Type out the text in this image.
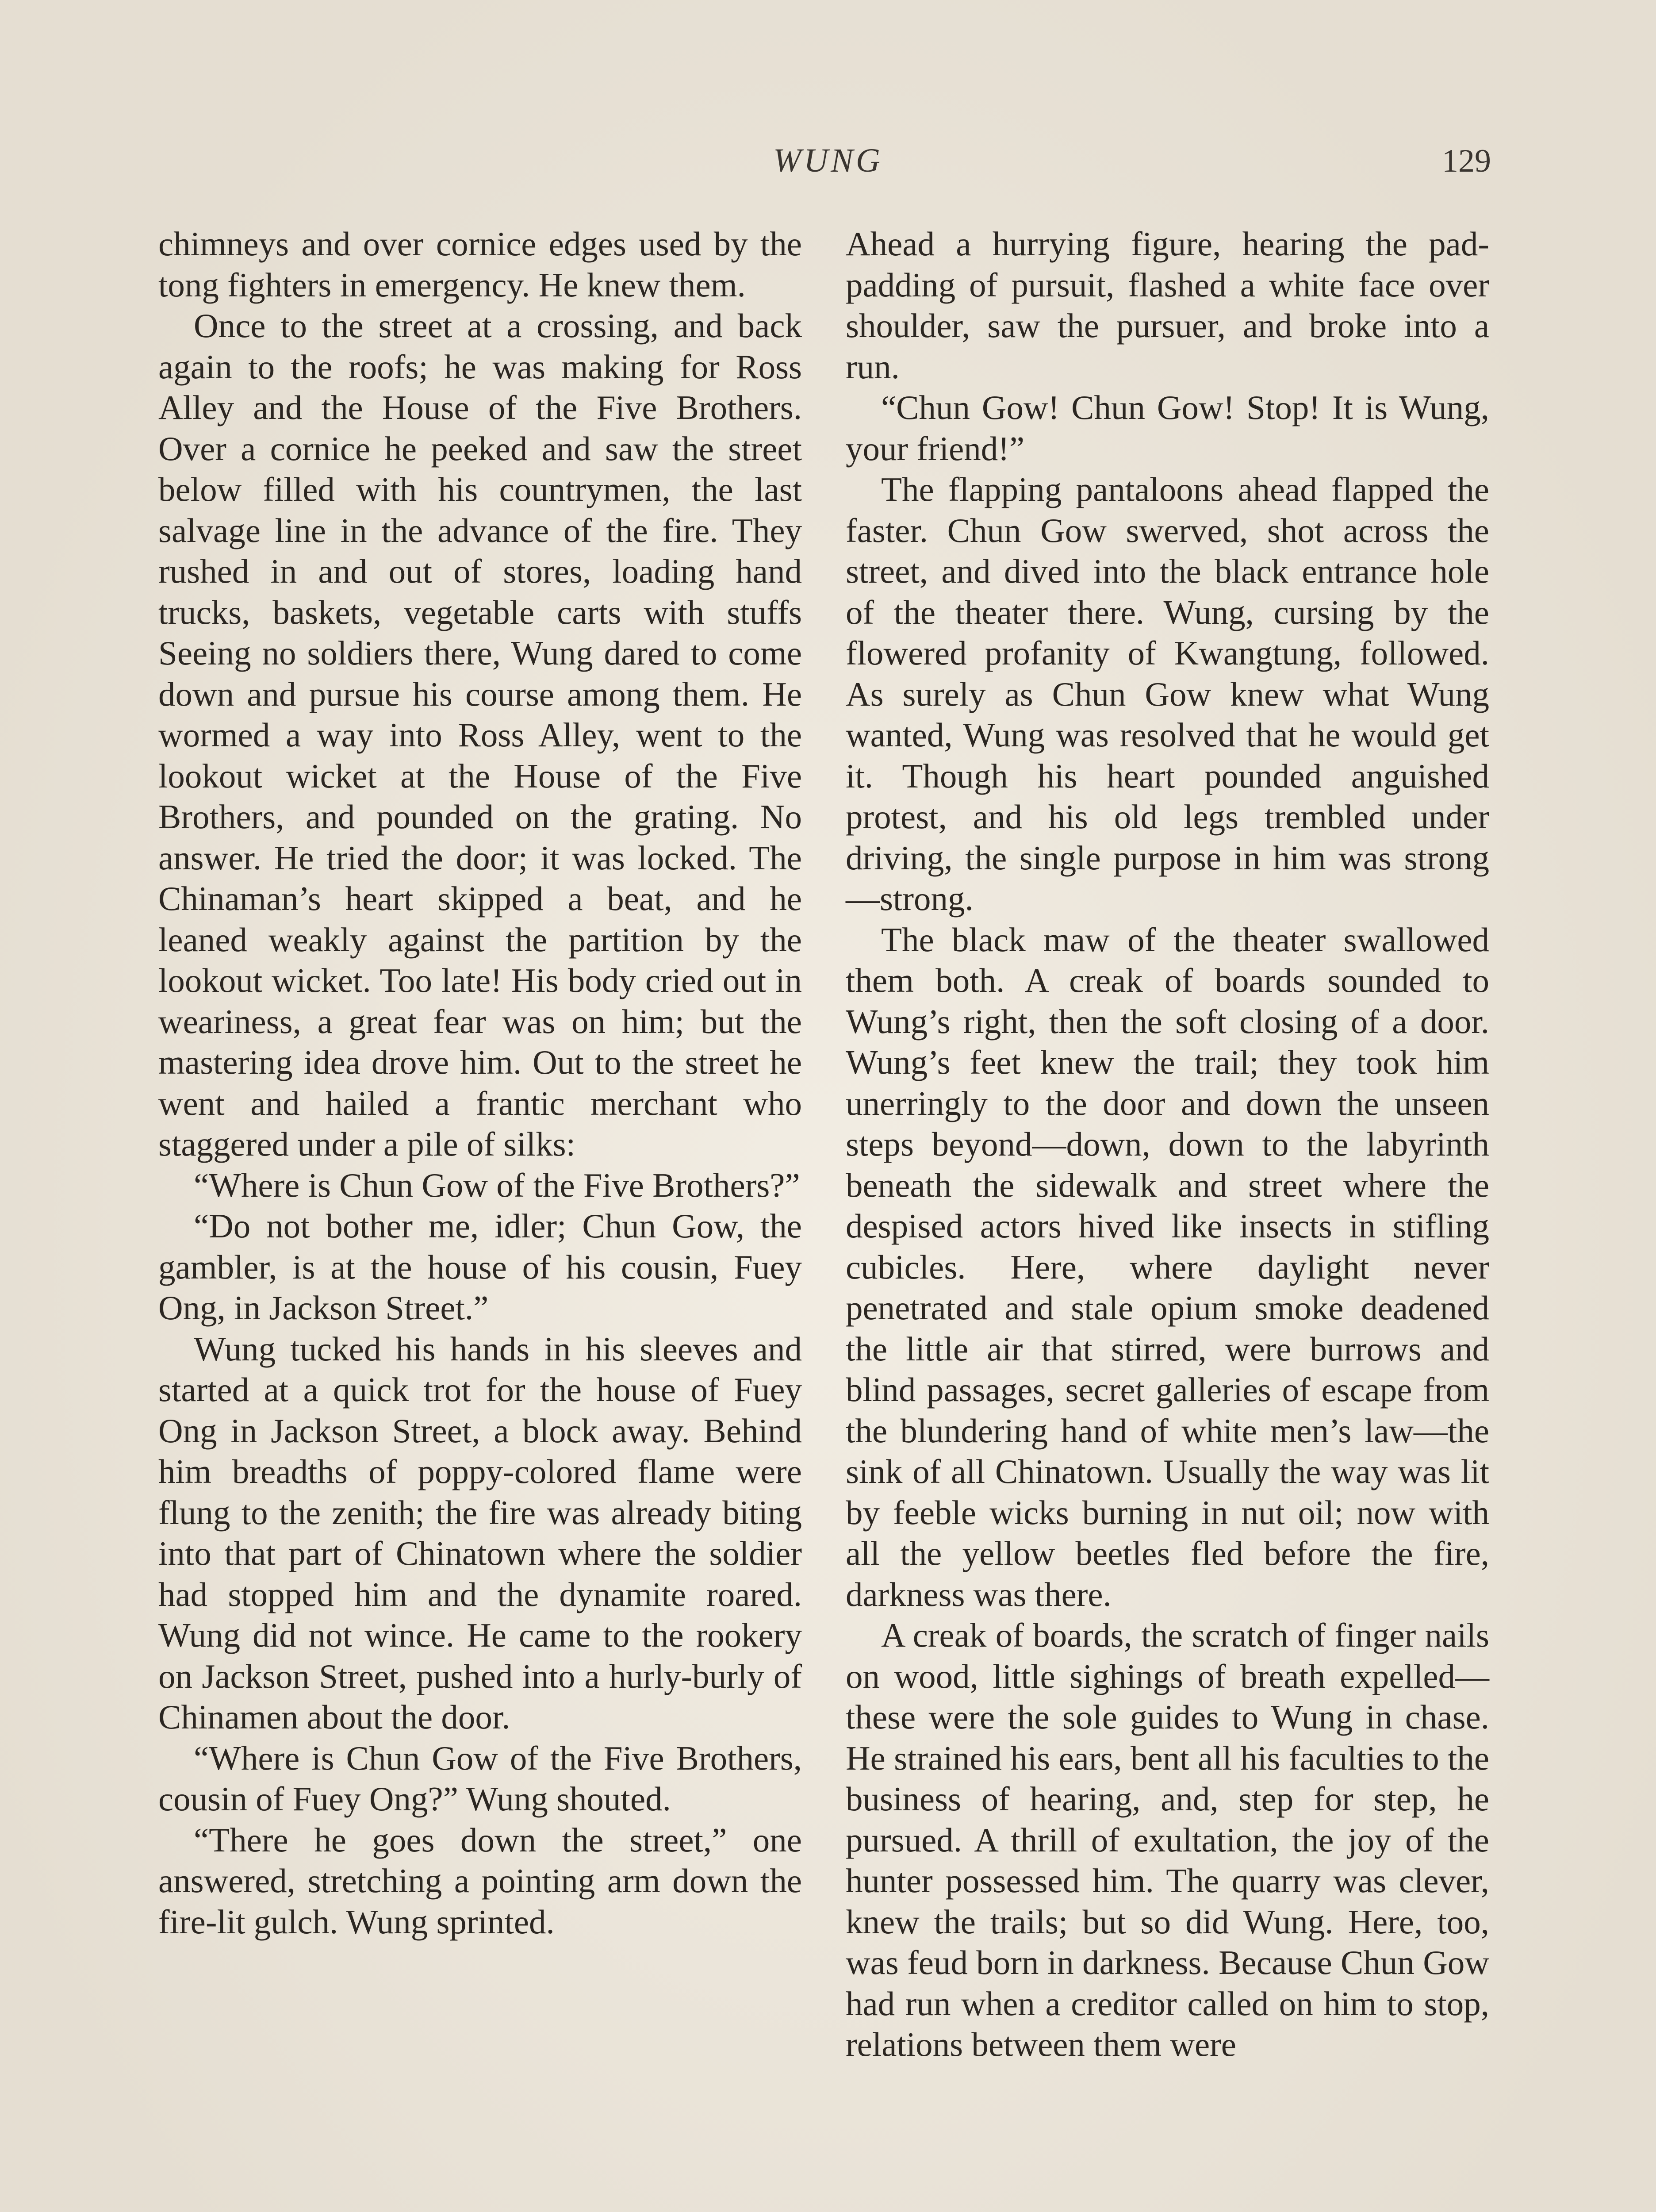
WUNG	129

chimneys and over cornice edges used by the tong fighters in emergency. He knew them.

Once to the street at a crossing, and back again to the roofs; he was making for Ross Alley and the House of the Five Brothers. Over a cornice he peeked and saw the street below filled with his countrymen, the last salvage line in the advance of the fire. They rushed in and out of stores, loading hand trucks, baskets, vegetable carts with stuffs Seeing no soldiers there, Wung dared to come down and pursue his course among them. He wormed a way into Ross Alley, went to the lookout wicket at the House of the Five Brothers, and pounded on the grating. No answer. He tried the door; it was locked. The Chinaman’s heart skipped a beat, and he leaned weakly against the partition by the lookout wicket. Too late! His body cried out in weariness, a great fear was on him; but the mastering idea drove him. Out to the street he went and hailed a frantic merchant who staggered under a pile of silks:

“Where is Chun Gow of the Five Brothers?”

“Do not bother me, idler; Chun Gow, the gambler, is at the house of his cousin, Fuey Ong, in Jackson Street.”

Wung tucked his hands in his sleeves and started at a quick trot for the house of Fuey Ong in Jackson Street, a block away. Behind him breadths of poppy-colored flame were flung to the zenith; the fire was already biting into that part of Chinatown where the soldier had stopped him and the dynamite roared. Wung did not wince. He came to the rookery on Jackson Street, pushed into a hurly-burly of Chinamen about the door.

“Where is Chun Gow of the Five Brothers, cousin of Fuey Ong?” Wung shouted.

“There he goes down the street,” one answered, stretching a pointing arm down the fire-lit gulch. Wung sprinted.

Ahead a hurrying figure, hearing the pad-padding of pursuit, flashed a white face over shoulder, saw the pursuer, and broke into a run.

“Chun Gow! Chun Gow! Stop! It is Wung, your friend!”

The flapping pantaloons ahead flapped the faster. Chun Gow swerved, shot across the street, and dived into the black entrance hole of the theater there. Wung, cursing by the flowered profanity of Kwangtung, followed. As surely as Chun Gow knew what Wung wanted, Wung was resolved that he would get it. Though his heart pounded anguished protest, and his old legs trembled under driving, the single purpose in him was strong—strong.

The black maw of the theater swallowed them both. A creak of boards sounded to Wung’s right, then the soft closing of a door. Wung’s feet knew the trail; they took him unerringly to the door and down the unseen steps beyond—down, down to the labyrinth beneath the sidewalk and street where the despised actors hived like insects in stifling cubicles. Here, where daylight never penetrated and stale opium smoke deadened the little air that stirred, were burrows and blind passages, secret galleries of escape from the blundering hand of white men’s law—the sink of all Chinatown. Usually the way was lit by feeble wicks burning in nut oil; now with all the yellow beetles fled before the fire, darkness was there.

A creak of boards, the scratch of finger nails on wood, little sighings of breath expelled—these were the sole guides to Wung in chase. He strained his ears, bent all his faculties to the business of hearing, and, step for step, he pursued. A thrill of exultation, the joy of the hunter possessed him. The quarry was clever, knew the trails; but so did Wung. Here, too, was feud born in darkness. Because Chun Gow had run when a creditor called on him to stop, relations between them were
